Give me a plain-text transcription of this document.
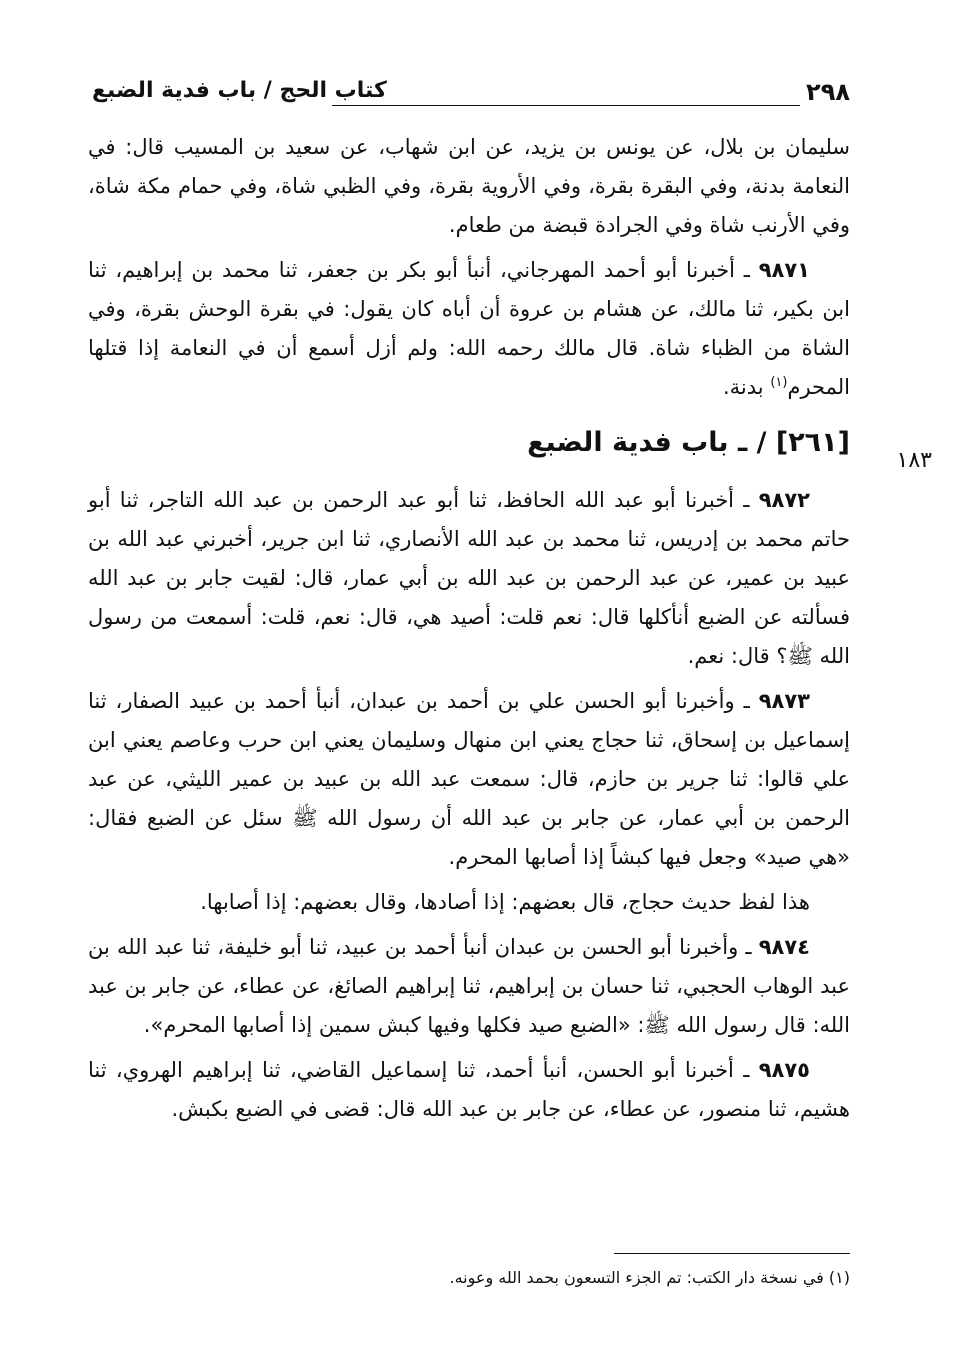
٢٩٨
كتاب الحج / باب فدية الضبع
١٨٣

سليمان بن بلال، عن يونس بن يزيد، عن ابن شهاب، عن سعيد بن المسيب قال: في النعامة بدنة، وفي البقرة بقرة، وفي الأروية بقرة، وفي الظبي شاة، وفي حمام مكة شاة، وفي الأرنب شاة وفي الجرادة قبضة من طعام.

٩٨٧١ ـ أخبرنا أبو أحمد المهرجاني، أنبأ أبو بكر بن جعفر، ثنا محمد بن إبراهيم، ثنا ابن بكير، ثنا مالك، عن هشام بن عروة أن أباه كان يقول: في بقرة الوحش بقرة، وفي الشاة من الظباء شاة. قال مالك رحمه الله: ولم أزل أسمع أن في النعامة إذا قتلها المحرم$^{(١)}$ بدنة.

[٢٦١] / ـ باب فدية الضبع

٩٨٧٢ ـ أخبرنا أبو عبد الله الحافظ، ثنا أبو عبد الرحمن بن عبد الله التاجر، ثنا أبو حاتم محمد بن إدريس، ثنا محمد بن عبد الله الأنصاري، ثنا ابن جرير، أخبرني عبد الله بن عبيد بن عمير، عن عبد الرحمن بن عبد الله بن أبي عمار، قال: لقيت جابر بن عبد الله فسألته عن الضبع أنأكلها قال: نعم قلت: أصيد هي، قال: نعم، قلت: أسمعت من رسول الله ﷺ؟ قال: نعم.

٩٨٧٣ ـ وأخبرنا أبو الحسن علي بن أحمد بن عبدان، أنبأ أحمد بن عبيد الصفار، ثنا إسماعيل بن إسحاق، ثنا حجاج يعني ابن منهال وسليمان يعني ابن حرب وعاصم يعني ابن علي قالوا: ثنا جرير بن حازم، قال: سمعت عبد الله بن عبيد بن عمير الليثي، عن عبد الرحمن بن أبي عمار، عن جابر بن عبد الله أن رسول الله ﷺ سئل عن الضبع فقال: «هي صيد» وجعل فيها كبشاً إذا أصابها المحرم.

هذا لفظ حديث حجاج، قال بعضهم: إذا أصادها، وقال بعضهم: إذا أصابها.

٩٨٧٤ ـ وأخبرنا أبو الحسن بن عبدان أنبأ أحمد بن عبيد، ثنا أبو خليفة، ثنا عبد الله بن عبد الوهاب الحجبي، ثنا حسان بن إبراهيم، ثنا إبراهيم الصائغ، عن عطاء، عن جابر بن عبد الله: قال رسول الله ﷺ: «الضبع صيد فكلها وفيها كبش سمين إذا أصابها المحرم».

٩٨٧٥ ـ أخبرنا أبو الحسن، أنبأ أحمد، ثنا إسماعيل القاضي، ثنا إبراهيم الهروي، ثنا هشيم، ثنا منصور، عن عطاء، عن جابر بن عبد الله قال: قضى في الضبع بكبش.

(١) في نسخة دار الكتب: تم الجزء التسعون بحمد الله وعونه.
